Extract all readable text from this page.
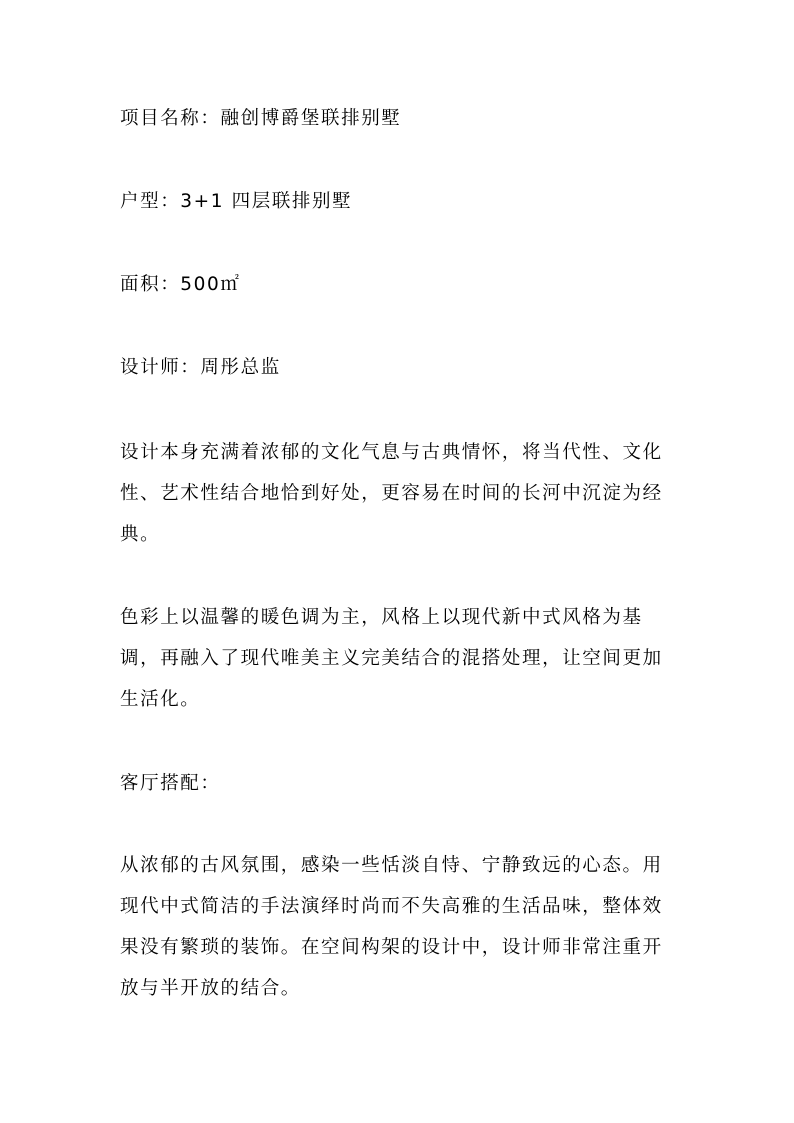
项目名称：融创博爵堡联排别墅

户型：3+1 四层联排别墅

面积：500㎡

设计师：周彤总监

设计本身充满着浓郁的文化气息与古典情怀，将当代性、文化性、艺术性结合地恰到好处，更容易在时间的长河中沉淀为经典。

色彩上以温馨的暖色调为主，风格上以现代新中式风格为基调，再融入了现代唯美主义完美结合的混搭处理，让空间更加生活化。

客厅搭配：

从浓郁的古风氛围，感染一些恬淡自恃、宁静致远的心态。用现代中式简洁的手法演绎时尚而不失高雅的生活品味，整体效果没有繁琐的装饰。在空间构架的设计中，设计师非常注重开放与半开放的结合。
